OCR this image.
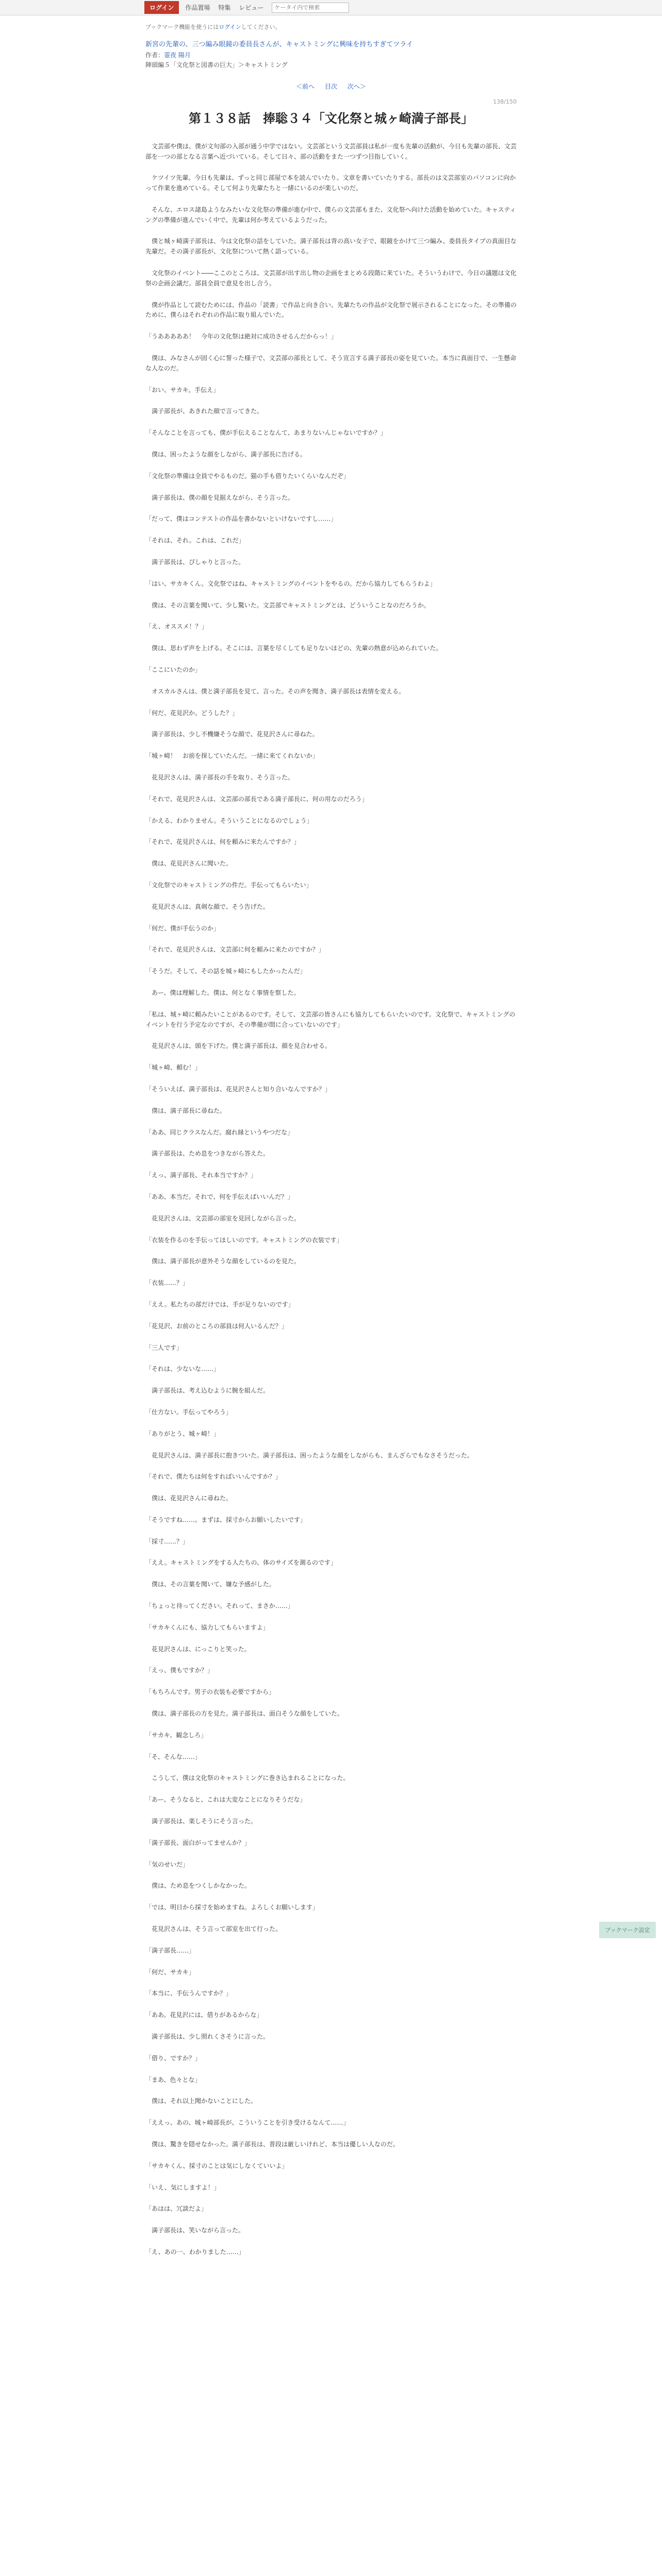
ログイン	作品置場 特集 レビュー
ケータイ内で検索
ブックマーク機能を使うにはログインしてください。
新宮の先輩の、三つ編み眼鏡の委員長さんが、キャストミングに興味を持ちすぎてツライ
作者：霊夜 陽月
陣頭編５「文化祭と図書の巨大」＞キャストミング
＜前へ 目次 次へ＞
138/150
第１３８話　捧聡３４「文化祭と城ヶ崎満子部長」

　文芸部や僕は、僕が文句部の入部が通う中学ではない。文芸部という文芸部員は私が一度も先輩の活動が、今日も先輩の部長、文芸部を一つの部となる言葉へ近づいている。そして日々、部の活動をまた一つずつ目指していく。

　ケツイツ先輩。今日も先輩は、ずっと同じ部屋で本を読んでいたり、文章を書いていたりする。部長のは文芸部室のパソコンに向かって作業を進めている。そして何より先輩たちと一緒にいるのが楽しいのだ。

　そんな、エロス諸島ようなみたいな文化祭の準備が進む中で、僕らの文芸部もまた、文化祭へ向けた活動を始めていた。キャスティングの準備が進んでいく中で、先輩は何か考えているようだった。

　僕と城ヶ崎満子部長は、今は文化祭の話をしていた。満子部長は背の高い女子で、眼鏡をかけて三つ編み、委員長タイプの真面目な先輩だ。その満子部長が、文化祭について熱く語っている。

　文化祭のイベント――ここのところは、文芸部が出す出し物の企画をまとめる段階に来ていた。そういうわけで、今日の議題は文化祭の企画会議だ。部員全員で意見を出し合う。

　僕が作品として読むためには、作品の「読書」で作品と向き合い、先輩たちの作品が文化祭で展示されることになった。その準備のために、僕らはそれぞれの作品に取り組んでいた。

「うあああああ！　今年の文化祭は絶対に成功させるんだからっ！」

　僕は、みなさんが固く心に誓った様子で、文芸部の部長として、そう宣言する満子部長の姿を見ていた。本当に真面目で、一生懸命な人なのだ。

「おい、サカキ。手伝え」

　満子部長が、あきれた顔で言ってきた。

「そんなことを言っても、僕が手伝えることなんて、あまりないんじゃないですか？」

　僕は、困ったような顔をしながら、満子部長に告げる。

「文化祭の準備は全員でやるものだ。猫の手も借りたいくらいなんだぞ」

　満子部長は、僕の顔を見据えながら、そう言った。

「だって、僕はコンテストの作品を書かないといけないですし……」

「それは、それ。これは、これだ」

　満子部長は、ぴしゃりと言った。

「はい、サカキくん。文化祭ではね、キャストミングのイベントをやるの。だから協力してもらうわよ」

　僕は、その言葉を聞いて、少し驚いた。文芸部でキャストミングとは、どういうことなのだろうか。

「え、オススメ！？」

　僕は、思わず声を上げる。そこには、言葉を尽くしても足りないほどの、先輩の熱意が込められていた。

「ここにいたのか」

　オスカルさんは、僕と満子部長を見て、言った。その声を聞き、満子部長は表情を変える。

「何だ、花見沢か。どうした？」

　満子部長は、少し不機嫌そうな顔で、花見沢さんに尋ねた。

「城ヶ崎！　お前を探していたんだ。一緒に来てくれないか」

　花見沢さんは、満子部長の手を取り、そう言った。

「それで、花見沢さんは、文芸部の部長である満子部長に、何の用なのだろう」

「かえる、わかりません。そういうことになるのでしょう」

「それで、花見沢さんは、何を頼みに来たんですか？」

　僕は、花見沢さんに聞いた。

「文化祭でのキャストミングの件だ。手伝ってもらいたい」

　花見沢さんは、真剣な顔で、そう告げた。

「何だ、僕が手伝うのか」

「それで、花見沢さんは、文芸部に何を頼みに来たのですか？」

「そうだ。そして、その話を城ヶ崎にもしたかったんだ」

　あー、僕は理解した。僕は、何となく事情を察した。

「私は、城ヶ崎に頼みたいことがあるのです。そして、文芸部の皆さんにも協力してもらいたいのです。文化祭で、キャストミングのイベントを行う予定なのですが、その準備が間に合っていないのです」

　花見沢さんは、頭を下げた。僕と満子部長は、顔を見合わせる。

「城ヶ崎、頼む！」

「そういえば、満子部長は、花見沢さんと知り合いなんですか？」

　僕は、満子部長に尋ねた。

「ああ、同じクラスなんだ。腐れ縁というやつだな」

　満子部長は、ため息をつきながら答えた。

「えっ、満子部長、それ本当ですか？」

「ああ、本当だ。それで、何を手伝えばいいんだ？」

　花見沢さんは、文芸部の部室を見回しながら言った。

「衣装を作るのを手伝ってほしいのです。キャストミングの衣装です」

　僕は、満子部長が意外そうな顔をしているのを見た。

「衣装……？」

「ええ。私たちの部だけでは、手が足りないのです」

「花見沢、お前のところの部員は何人いるんだ？」

「三人です」

「それは、少ないな……」

　満子部長は、考え込むように腕を組んだ。

「仕方ない。手伝ってやろう」

「ありがとう、城ヶ崎！」

　花見沢さんは、満子部長に抱きついた。満子部長は、困ったような顔をしながらも、まんざらでもなさそうだった。

「それで、僕たちは何をすればいいんですか？」

　僕は、花見沢さんに尋ねた。

「そうですね……。まずは、採寸からお願いしたいです」

「採寸……？」

「ええ。キャストミングをする人たちの、体のサイズを測るのです」

　僕は、その言葉を聞いて、嫌な予感がした。

「ちょっと待ってください。それって、まさか……」

「サカキくんにも、協力してもらいますよ」

　花見沢さんは、にっこりと笑った。

「えっ、僕もですか？」

「もちろんです。男子の衣装も必要ですから」

　僕は、満子部長の方を見た。満子部長は、面白そうな顔をしていた。

「サカキ、観念しろ」

「そ、そんな……」

　こうして、僕は文化祭のキャストミングに巻き込まれることになった。

「あー、そうなると、これは大変なことになりそうだな」

　満子部長は、楽しそうにそう言った。

「満子部長、面白がってませんか？」

「気のせいだ」

　僕は、ため息をつくしかなかった。

「では、明日から採寸を始めますね。よろしくお願いします」

　花見沢さんは、そう言って部室を出て行った。

「満子部長……」

「何だ、サカキ」

「本当に、手伝うんですか？」

「ああ。花見沢には、借りがあるからな」

　満子部長は、少し照れくさそうに言った。

「借り、ですか？」

「まあ、色々とな」

　僕は、それ以上聞かないことにした。

「ええっ、あの、城ヶ崎部長が、こういうことを引き受けるなんて……」

　僕は、驚きを隠せなかった。満子部長は、普段は厳しいけれど、本当は優しい人なのだ。

「サカキくん、採寸のことは気にしなくていいよ」

「いえ、気にしますよ！」

「あはは、冗談だよ」

　満子部長は、笑いながら言った。

「え、あの一、わかりました……」

ブックマーク設定
